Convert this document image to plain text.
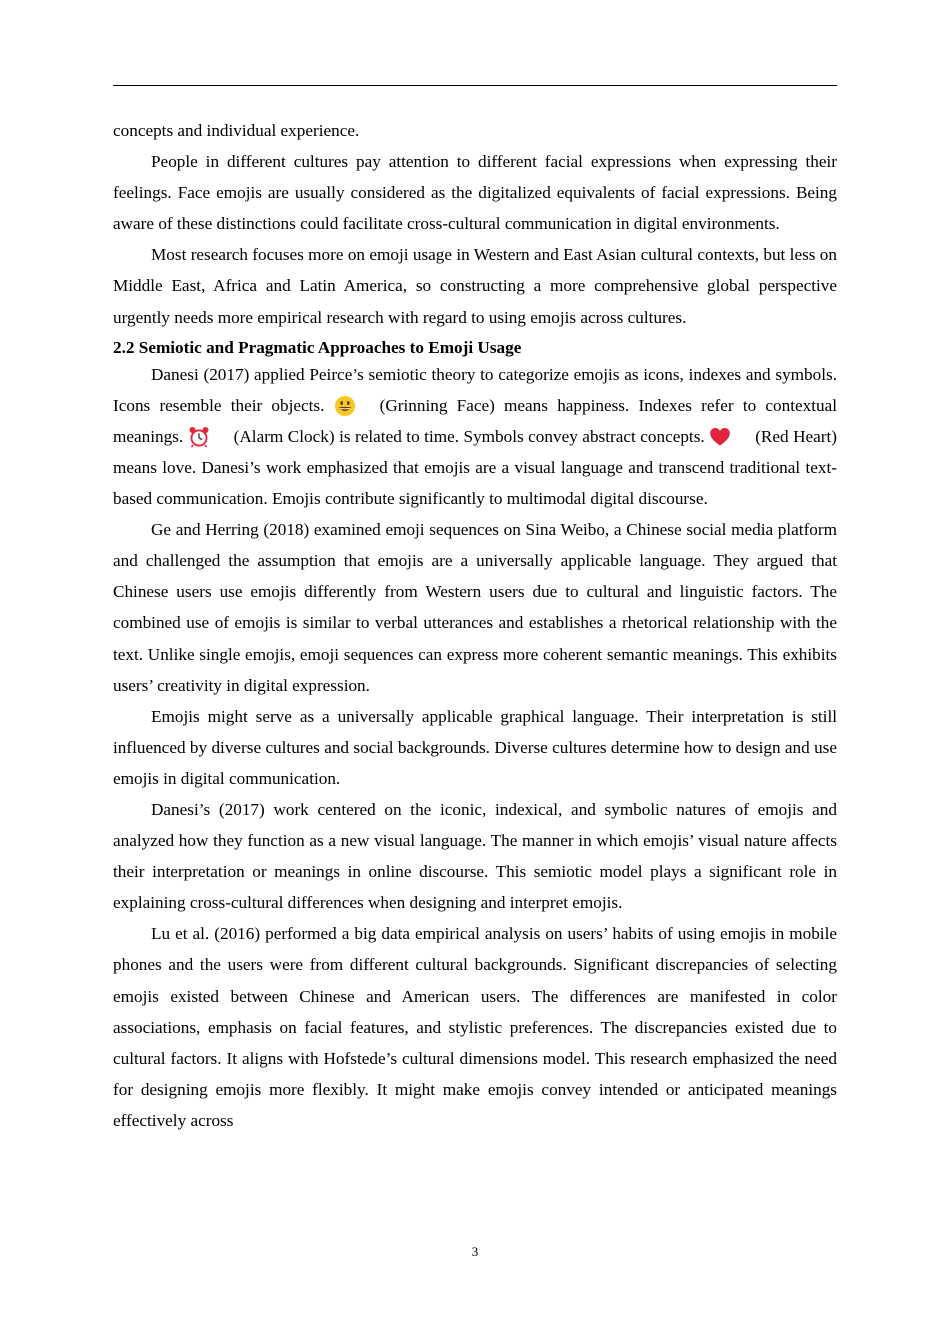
concepts and individual experience.

People in different cultures pay attention to different facial expressions when expressing their feelings. Face emojis are usually considered as the digitalized equivalents of facial expressions. Being aware of these distinctions could facilitate cross-cultural communication in digital environments.

Most research focuses more on emoji usage in Western and East Asian cultural contexts, but less on Middle East, Africa and Latin America, so constructing a more comprehensive global perspective urgently needs more empirical research with regard to using emojis across cultures.

2.2 Semiotic and Pragmatic Approaches to Emoji Usage

Danesi (2017) applied Peirce’s semiotic theory to categorize emojis as icons, indexes and symbols. Icons resemble their objects.	(Grinning Face) means happiness. Indexes refer to contextual meanings.	(Alarm Clock) is related to time. Symbols convey abstract concepts.	(Red Heart) means love. Danesi’s work emphasized that emojis are a visual language and transcend traditional text-based communication. Emojis contribute significantly to multimodal digital discourse.

Ge and Herring (2018) examined emoji sequences on Sina Weibo, a Chinese social media platform and challenged the assumption that emojis are a universally applicable language. They argued that Chinese users use emojis differently from Western users due to cultural and linguistic factors. The combined use of emojis is similar to verbal utterances and establishes a rhetorical relationship with the text. Unlike single emojis, emoji sequences can express more coherent semantic meanings. This exhibits users’ creativity in digital expression.

Emojis might serve as a universally applicable graphical language. Their interpretation is still influenced by diverse cultures and social backgrounds. Diverse cultures determine how to design and use emojis in digital communication.

Danesi’s (2017) work centered on the iconic, indexical, and symbolic natures of emojis and analyzed how they function as a new visual language. The manner in which emojis’ visual nature affects their interpretation or meanings in online discourse. This semiotic model plays a significant role in explaining cross-cultural differences when designing and interpret emojis.

Lu et al. (2016) performed a big data empirical analysis on users’ habits of using emojis in mobile phones and the users were from different cultural backgrounds. Significant discrepancies of selecting emojis existed between Chinese and American users. The differences are manifested in color associations, emphasis on facial features, and stylistic preferences. The discrepancies existed due to cultural factors. It aligns with Hofstede’s cultural dimensions model. This research emphasized the need for designing emojis more flexibly. It might make emojis convey intended or anticipated meanings effectively across

3
